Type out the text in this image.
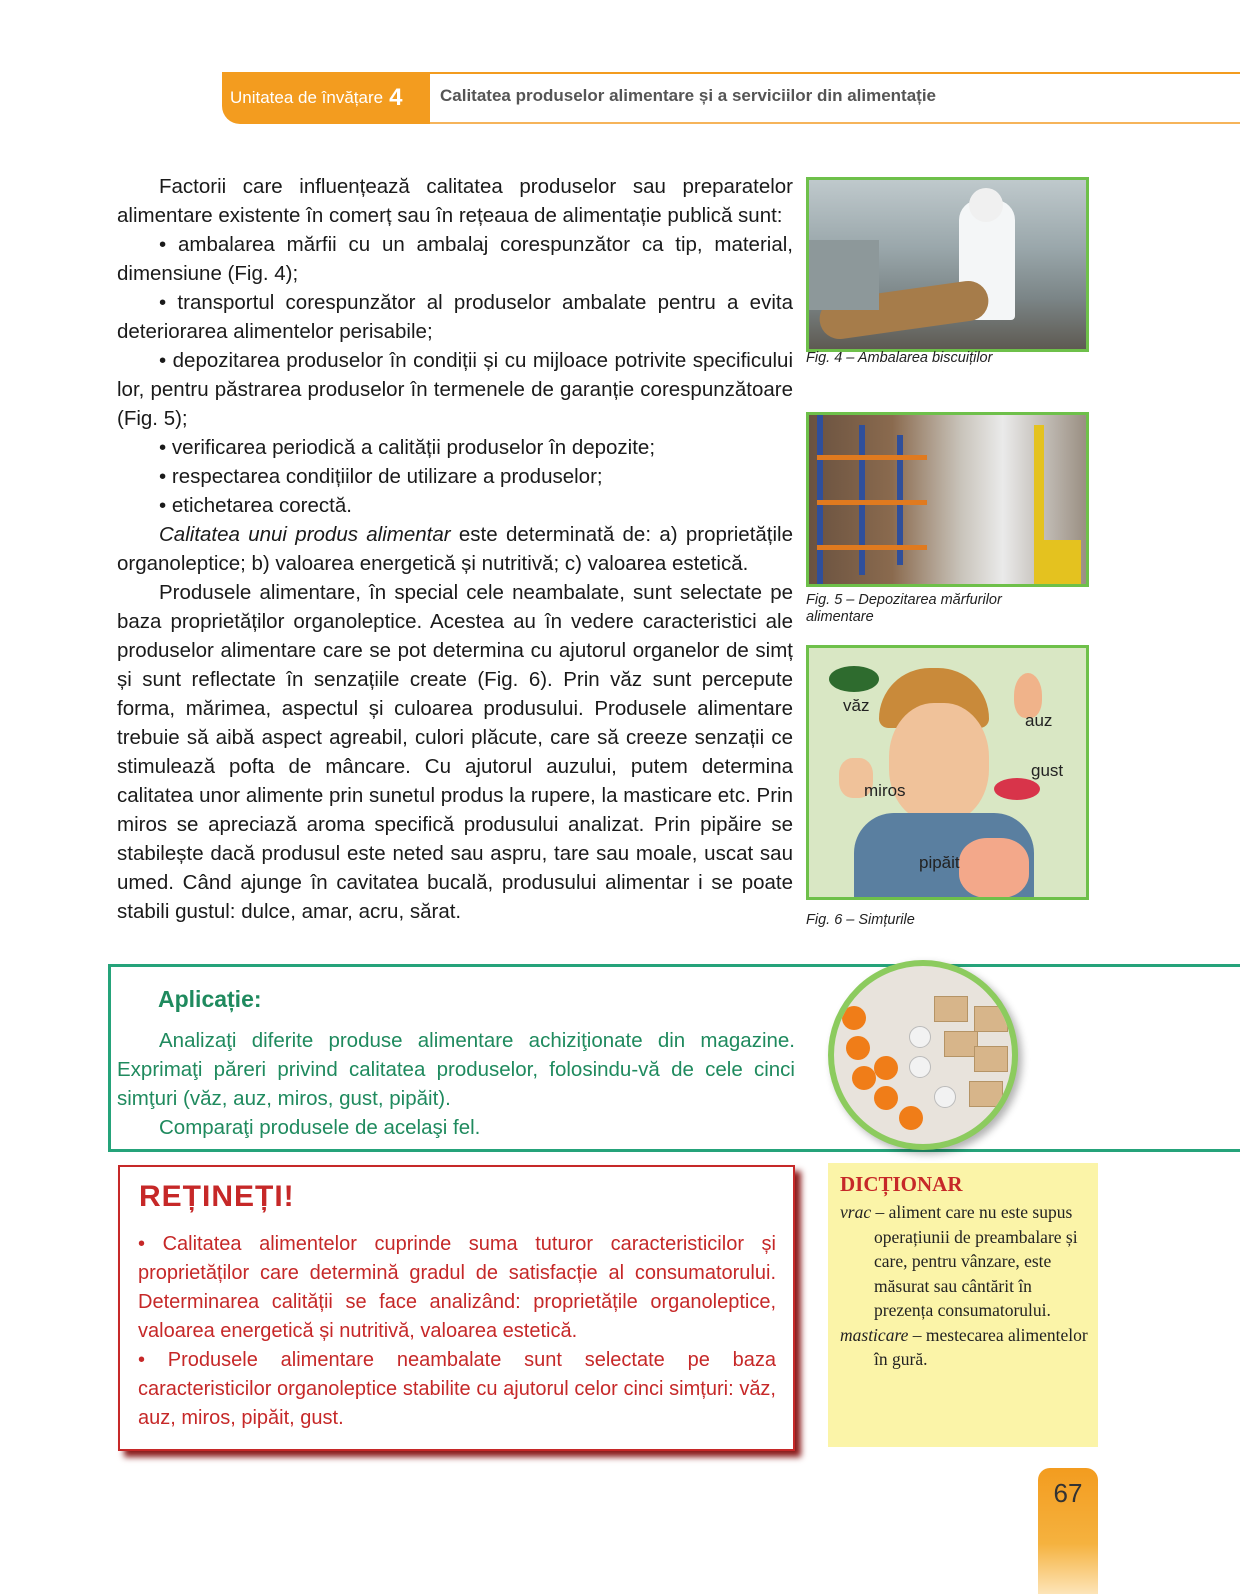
Unitatea de învățare 4 Calitatea produselor alimentare și a serviciilor din alimentație

Factorii care influențează calitatea produselor sau preparatelor alimentare existente în comerț sau în rețeaua de alimentație publică sunt:

• ambalarea mărfii cu un ambalaj corespunzător ca tip, material, dimensiune (Fig. 4);

• transportul corespunzător al produselor ambalate pentru a evita deteriorarea alimentelor perisabile;

• depozitarea produselor în condiții și cu mijloace potrivite specificului lor, pentru păstrarea produselor în termenele de garanție corespunzătoare (Fig. 5);

• verificarea periodică a calității produselor în depozite;

• respectarea condițiilor de utilizare a produselor;

• etichetarea corectă.

Calitatea unui produs alimentar este determinată de: a) proprietățile organoleptice; b) valoarea energetică și nutritivă; c) valoarea estetică.

Produsele alimentare, în special cele neambalate, sunt selectate pe baza proprietăților organoleptice. Acestea au în vedere caracteristici ale produselor alimentare care se pot determina cu ajutorul organelor de simț și sunt reflectate în senzațiile create (Fig. 6). Prin văz sunt percepute forma, mărimea, aspectul și culoarea produsului. Produsele alimentare trebuie să aibă aspect agreabil, culori plăcute, care să creeze senzații ce stimulează pofta de mâncare. Cu ajutorul auzului, putem determina calitatea unor alimente prin sunetul produs la rupere, la masticare etc. Prin miros se apreciază aroma specifică produsului analizat. Prin pipăire se stabilește dacă produsul este neted sau aspru, tare sau moale, uscat sau umed. Când ajunge în cavitatea bucală, produsului alimentar i se poate stabili gustul: dulce, amar, acru, sărat.

Fig. 4 – Ambalarea biscuiților
Fig. 5 – Depozitarea mărfurilor alimentare
văz
auz
gust
miros
pipăit
Fig. 6 – Simțurile
Aplicație:

Analizaţi diferite produse alimentare achiziţionate din magazine. Exprimaţi păreri privind calitatea produselor, folosindu-vă de cele cinci simţuri (văz, auz, miros, gust, pipăit).

Comparaţi produsele de acelaşi fel.

REȚINEȚI!

• Calitatea alimentelor cuprinde suma tuturor caracteristicilor și proprietăților care determină gradul de satisfacție al consumatorului. Determinarea calității se face analizând: proprietățile organoleptice, valoarea energetică și nutritivă, valoarea estetică.

• Produsele alimentare neambalate sunt selectate pe baza caracteristicilor organoleptice stabilite cu ajutorul celor cinci simțuri: văz, auz, miros, pipăit, gust.

DICȚIONAR

vrac – aliment care nu este supus operațiunii de preambalare și care, pentru vânzare, este măsurat sau cântărit în prezența consumatorului.

masticare – mestecarea alimentelor în gură.

67
